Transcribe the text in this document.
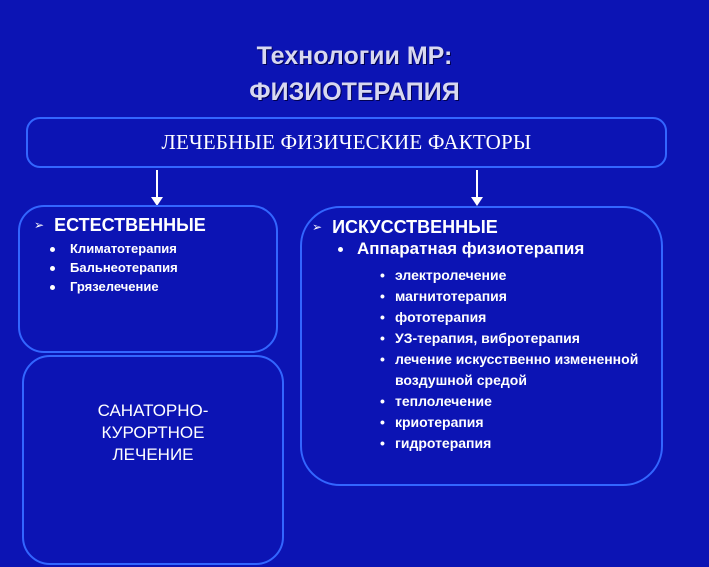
Технологии МР:
ФИЗИОТЕРАПИЯ
ЛЕЧЕБНЫЕ ФИЗИЧЕСКИЕ ФАКТОРЫ
➢ ЕСТЕСТВЕННЫЕ
Климатотерапия
Бальнеотерапия
Грязелечение
САНАТОРНО-
КУРОРТНОЕ
ЛЕЧЕНИЕ
➢ ИСКУССТВЕННЫЕ
Аппаратная физиотерапия
• электролечение
• магнитотерапия
• фототерапия
• УЗ-терапия, вибротерапия
• лечение искусственно измененной воздушной средой
• теплолечение
• криотерапия
• гидротерапия
